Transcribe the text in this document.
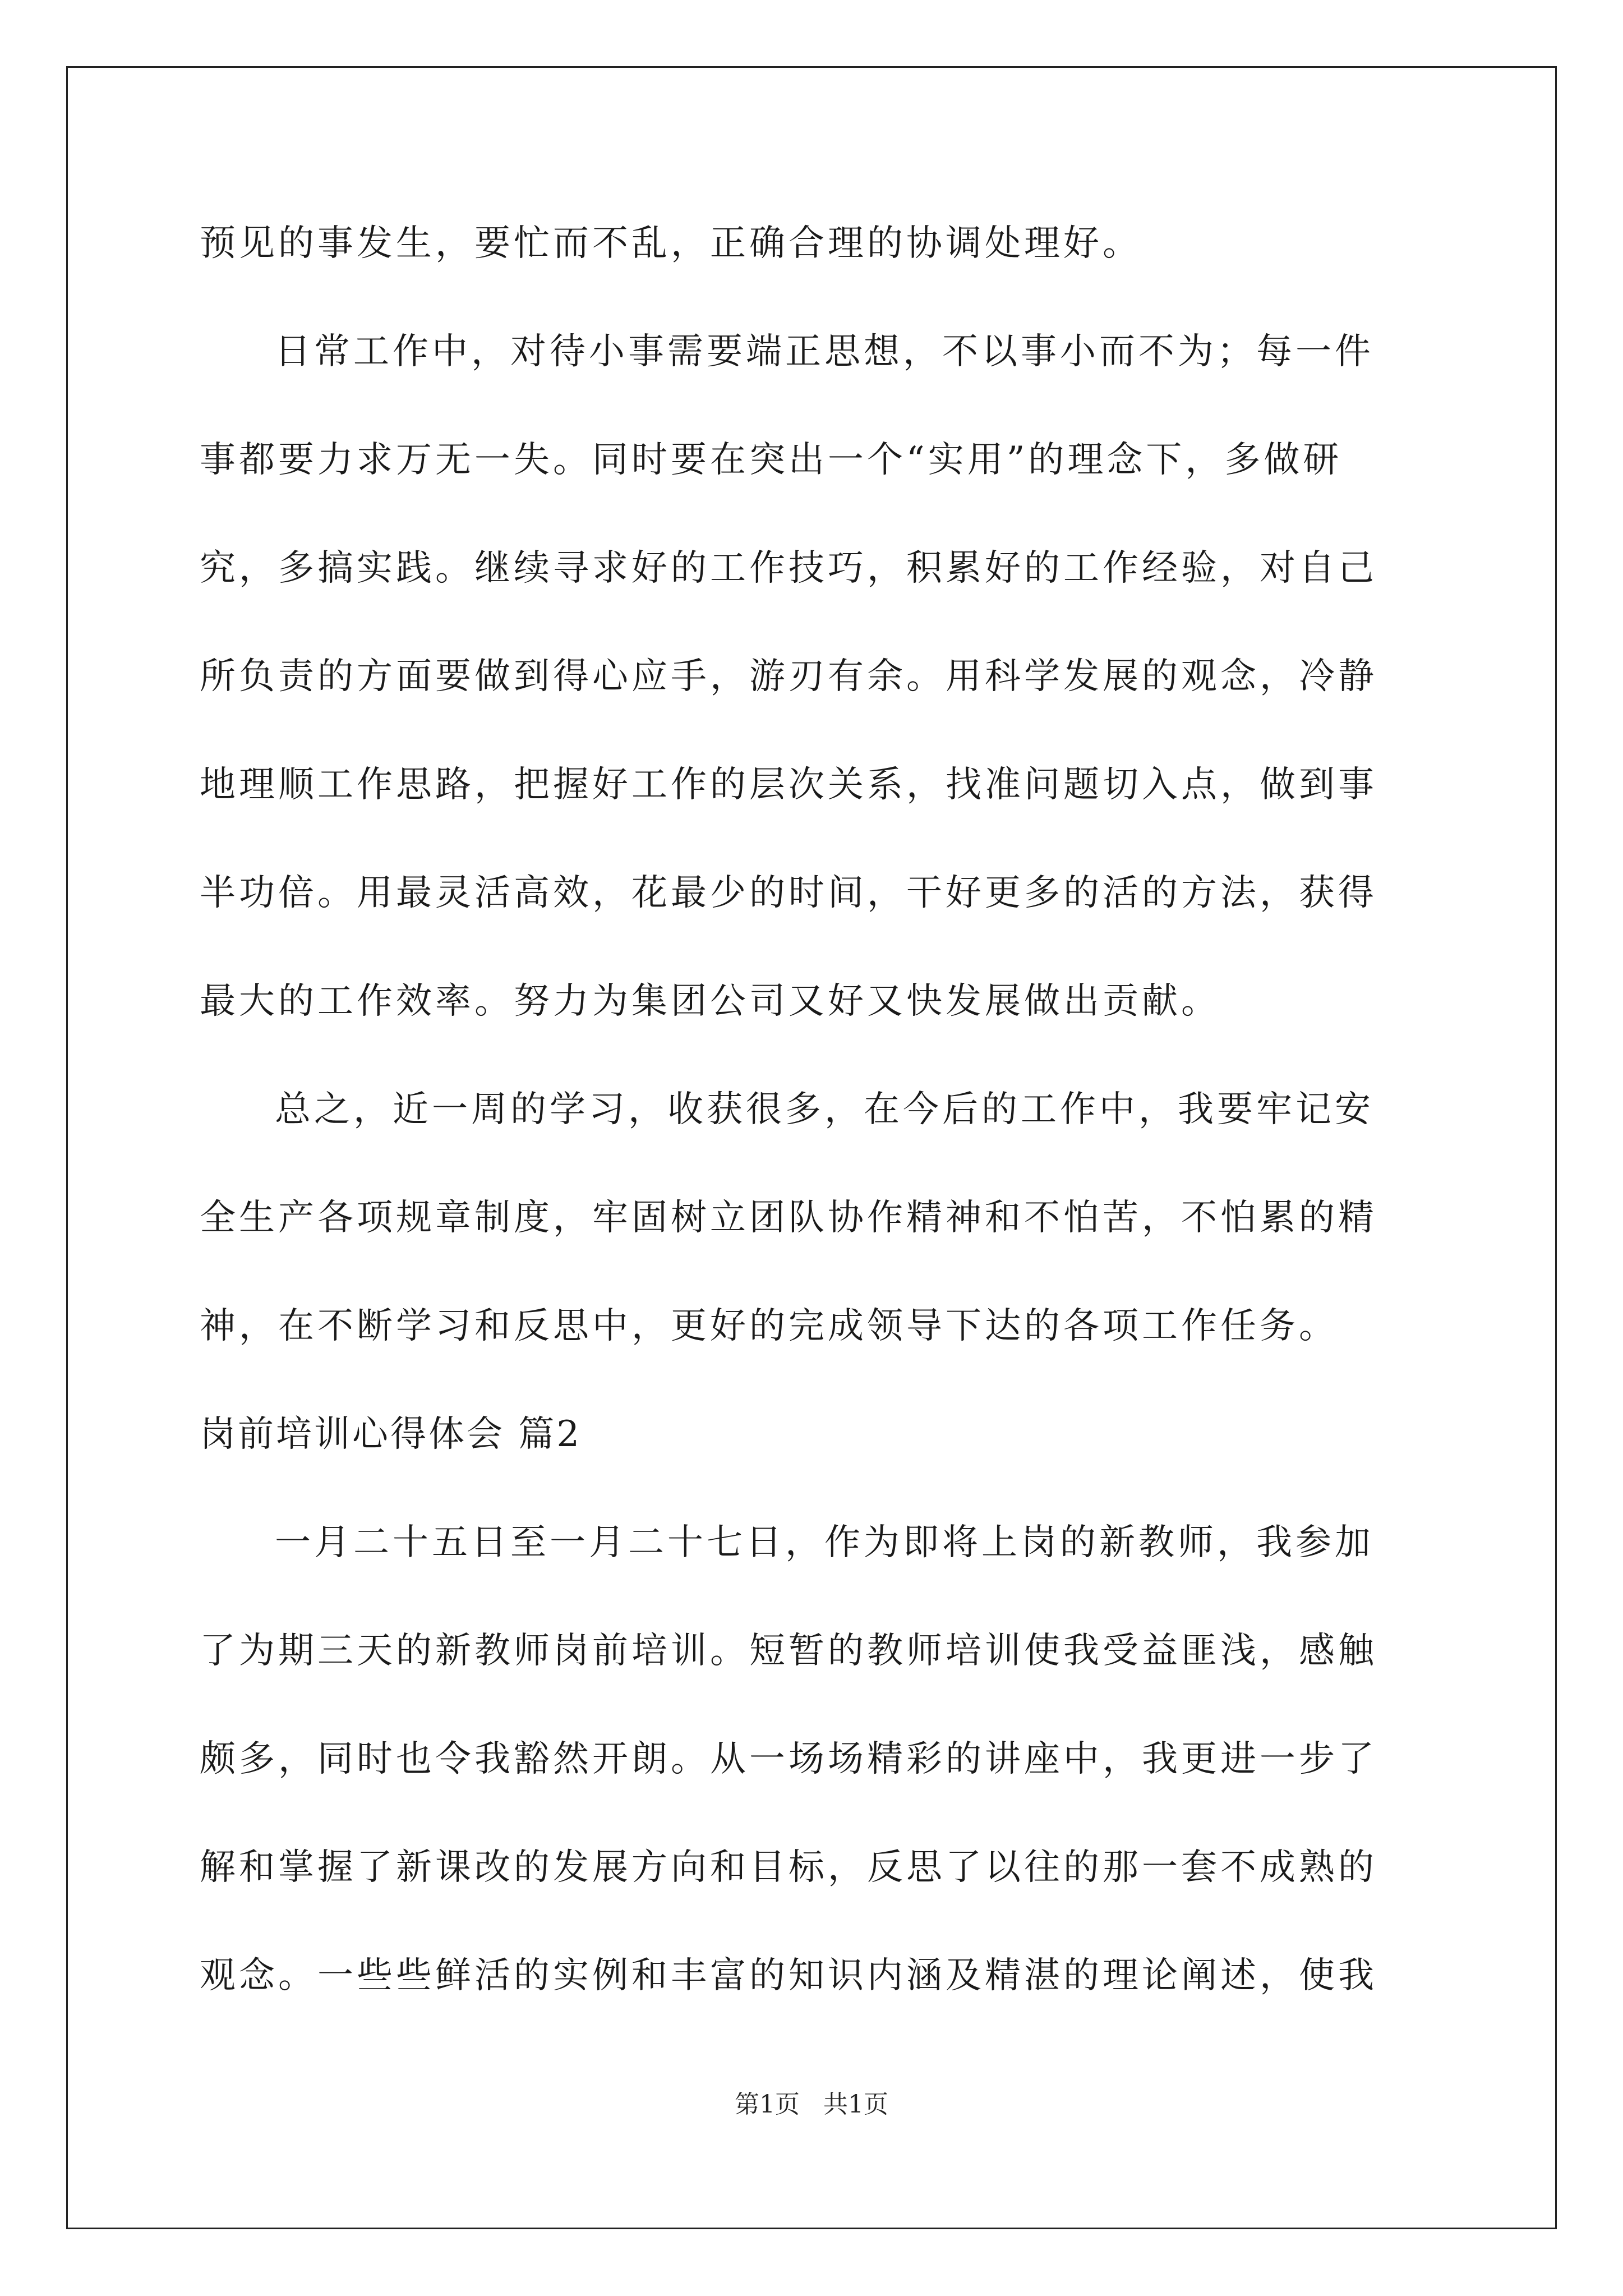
预见的事发生，要忙而不乱，正确合理的协调处理好。
日常工作中，对待小事需要端正思想，不以事小而不为；每一件
事都要力求万无一失。同时要在突出一个“实用”的理念下，多做研
究，多搞实践。继续寻求好的工作技巧，积累好的工作经验，对自己
所负责的方面要做到得心应手，游刃有余。用科学发展的观念，冷静
地理顺工作思路，把握好工作的层次关系，找准问题切入点，做到事
半功倍。用最灵活高效，花最少的时间，干好更多的活的方法，获得
最大的工作效率。努力为集团公司又好又快发展做出贡献。
总之，近一周的学习，收获很多，在今后的工作中，我要牢记安
全生产各项规章制度，牢固树立团队协作精神和不怕苦，不怕累的精
神，在不断学习和反思中，更好的完成领导下达的各项工作任务。
岗前培训心得体会 篇2
一月二十五日至一月二十七日，作为即将上岗的新教师，我参加
了为期三天的新教师岗前培训。短暂的教师培训使我受益匪浅，感触
颇多，同时也令我豁然开朗。从一场场精彩的讲座中，我更进一步了
解和掌握了新课改的发展方向和目标，反思了以往的那一套不成熟的
观念。一些些鲜活的实例和丰富的知识内涵及精湛的理论阐述，使我
第1页 共1页
